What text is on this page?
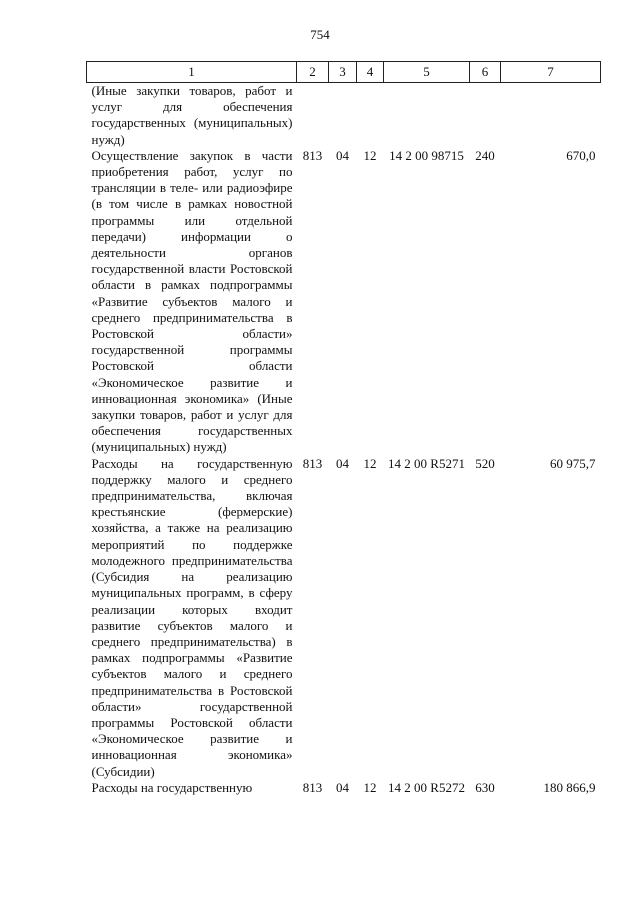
754
1	2	3	4	5	6	7
(Иные закупки товаров, работ и услуг для обеспечения государственных (муниципальных) нужд)						
Осуществление закупок в части приобретения работ, услуг по трансляции в теле- или радиоэфире (в том числе в рамках новостной программы или отдельной передачи) информации о деятельности органов государственной власти Ростовской области в рамках подпрограммы «Развитие субъектов малого и среднего предпринимательства в Ростовской области» государственной программы Ростовской области «Экономическое развитие и инновационная экономика» (Иные закупки товаров, работ и услуг для обеспечения государственных (муниципальных) нужд)	813	04	12	14 2 00 98715	240	670,0
Расходы на государственную поддержку малого и среднего предпринимательства, включая крестьянские (фермерские) хозяйства, а также на реализацию мероприятий по поддержке молодежного предпринимательства (Субсидия на реализацию муниципальных программ, в сферу реализации которых входит развитие субъектов малого и среднего предпринимательства) в рамках подпрограммы «Развитие субъектов малого и среднего предпринимательства в Ростовской области» государственной программы Ростовской области «Экономическое развитие и инновационная экономика» (Субсидии)	813	04	12	14 2 00 R5271	520	60 975,7
Расходы на государственную	813	04	12	14 2 00 R5272	630	180 866,9
